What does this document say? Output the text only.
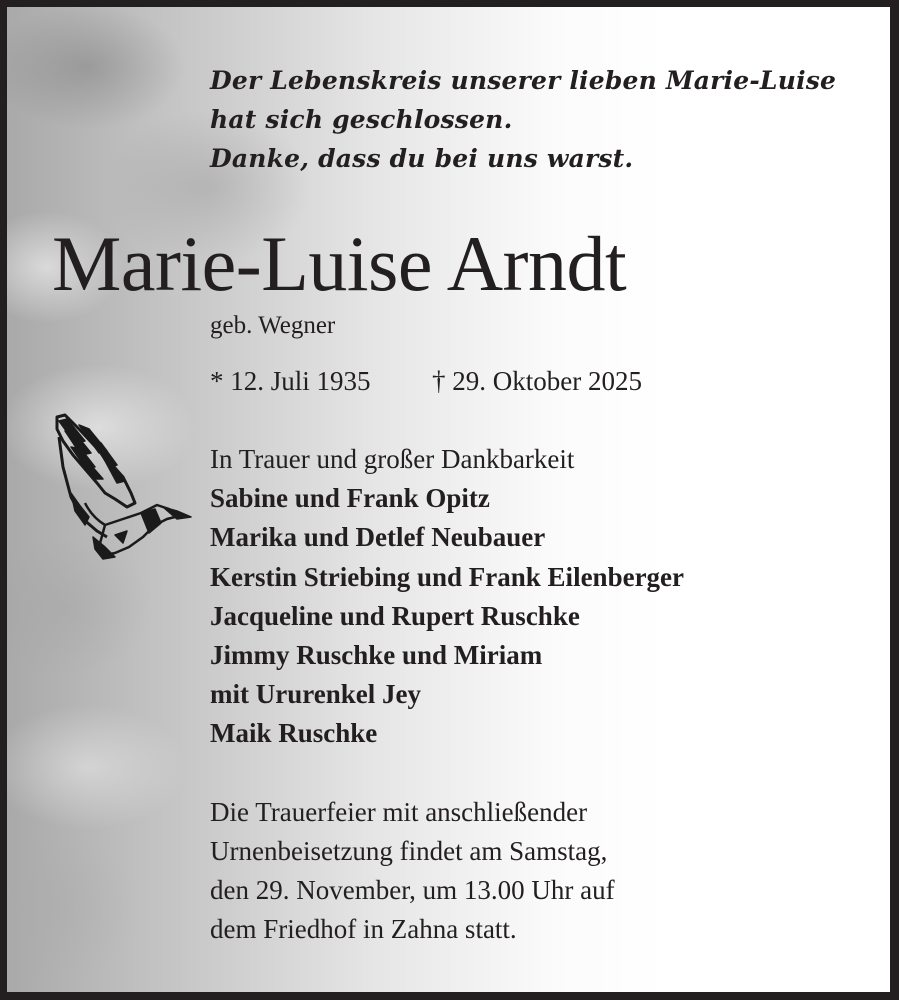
Der Lebenskreis unserer lieben Marie-Luise
hat sich geschlossen.
Danke, dass du bei uns warst.
Marie-Luise Arndt
geb. Wegner
* 12. Juli 1935 † 29. Oktober 2025
In Trauer und großer Dankbarkeit
Sabine und Frank Opitz
Marika und Detlef Neubauer
Kerstin Striebing und Frank Eilenberger
Jacqueline und Rupert Ruschke
Jimmy Ruschke und Miriam
mit Ururenkel Jey
Maik Ruschke
Die Trauerfeier mit anschließender
Urnenbeisetzung findet am Samstag,
den 29. November, um 13.00 Uhr auf
dem Friedhof in Zahna statt.
